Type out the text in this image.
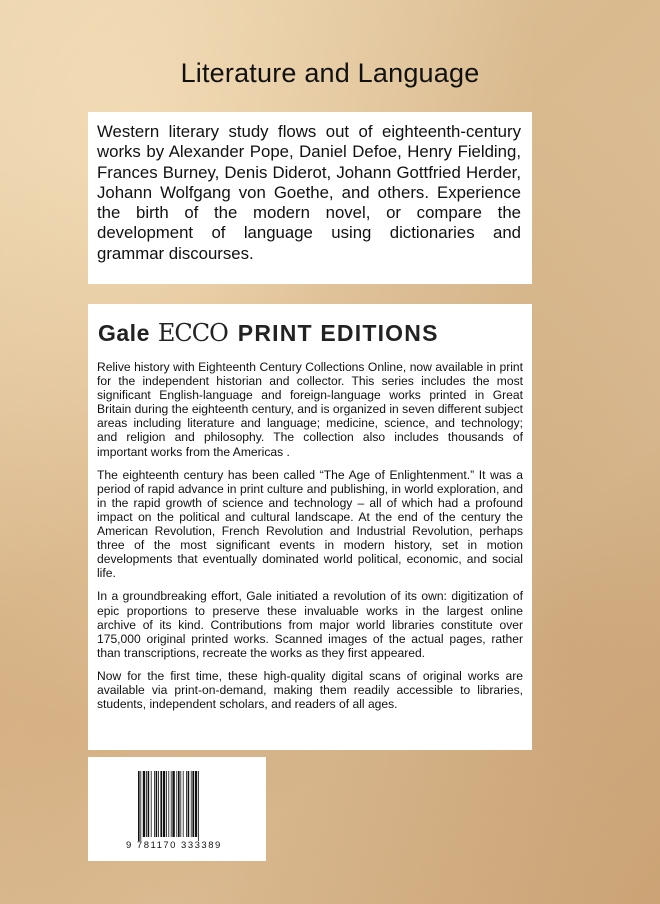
Literature and Language

Western literary study flows out of eighteenth-century works by Alexander Pope, Daniel Defoe, Henry Fielding, Frances Burney, Denis Diderot, Johann Gottfried Herder, Johann Wolfgang von Goethe, and others. Experience the birth of the modern novel, or compare the development of language using dictionaries and grammar discourses.

Gale ECCO PRINT EDITIONS

Relive history with Eighteenth Century Collections Online, now available in print for the independent historian and collector. This series includes the most significant English-language and foreign-language works printed in Great Britain during the eighteenth century, and is organized in seven different subject areas including literature and language; medicine, science, and technology; and religion and philosophy. The collection also includes thousands of important works from the Americas .

The eighteenth century has been called “The Age of Enlightenment.” It was a period of rapid advance in print culture and publishing, in world exploration, and in the rapid growth of science and technology – all of which had a profound impact on the political and cultural landscape. At the end of the century the American Revolution, French Revolution and Industrial Revolution, perhaps three of the most significant events in modern history, set in motion developments that eventually dominated world political, economic, and social life.

In a groundbreaking effort, Gale initiated a revolution of its own: digitization of epic proportions to preserve these invaluable works in the largest online archive of its kind. Contributions from major world libraries constitute over 175,000 original printed works. Scanned images of the actual pages, rather than transcriptions, recreate the works as they first appeared.

Now for the first time, these high-quality digital scans of original works are available via print-on-demand, making them readily accessible to libraries, students, independent scholars, and readers of all ages.

9 781170 333389
